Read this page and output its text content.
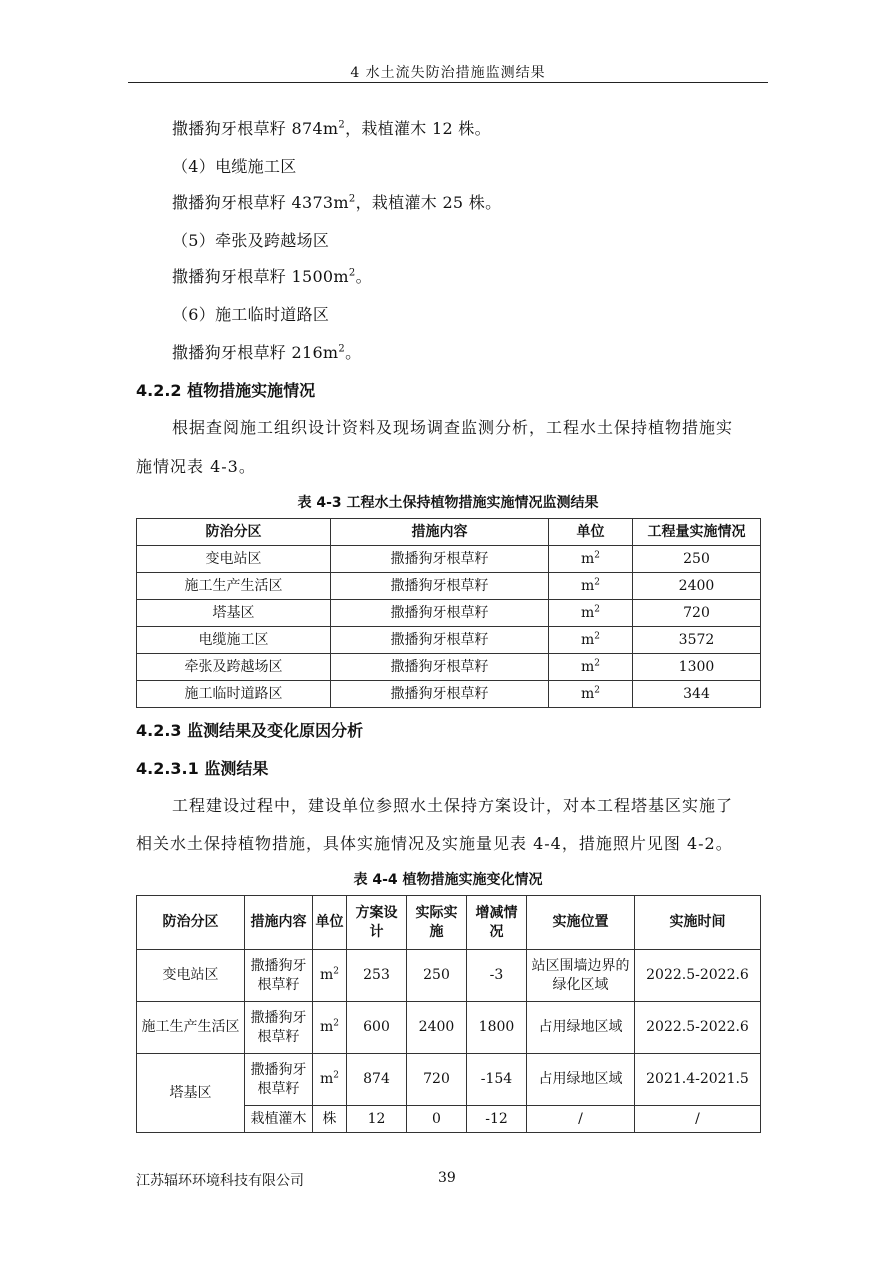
4 水土流失防治措施监测结果
撒播狗牙根草籽 $874m^2$，栽植灌木 12 株。
（4）电缆施工区
撒播狗牙根草籽 $4373m^2$，栽植灌木 25 株。
（5）牵张及跨越场区
撒播狗牙根草籽 $1500m^2$。
（6）施工临时道路区
撒播狗牙根草籽 $216m^2$。
4.2.2 植物措施实施情况
根据查阅施工组织设计资料及现场调查监测分析，工程水土保持植物措施实
施情况表 4-3。
表 4-3 工程水土保持植物措施实施情况监测结果
防治分区	措施内容	单位	工程量实施情况
变电站区	撒播狗牙根草籽	$m^2$	250
施工生产生活区	撒播狗牙根草籽	$m^2$	2400
塔基区	撒播狗牙根草籽	$m^2$	720
电缆施工区	撒播狗牙根草籽	$m^2$	3572
牵张及跨越场区	撒播狗牙根草籽	$m^2$	1300
施工临时道路区	撒播狗牙根草籽	$m^2$	344
4.2.3 监测结果及变化原因分析
4.2.3.1 监测结果
工程建设过程中，建设单位参照水土保持方案设计，对本工程塔基区实施了
相关水土保持植物措施，具体实施情况及实施量见表 4-4，措施照片见图 4-2。
表 4-4 植物措施实施变化情况
防治分区	措施内容	单位	方案设计	实际实施	增减情况	实施位置	实施时间
变电站区	撒播狗牙根草籽	$m^2$	253	250	-3	站区围墙边界的绿化区域	2022.5-2022.6
施工生产生活区	撒播狗牙根草籽	$m^2$	600	2400	1800	占用绿地区域	2022.5-2022.6
塔基区	撒播狗牙根草籽	$m^2$	874	720	-154	占用绿地区域	2021.4-2021.5
	栽植灌木	株	12	0	-12	/	/
江苏辐环环境科技有限公司	39
